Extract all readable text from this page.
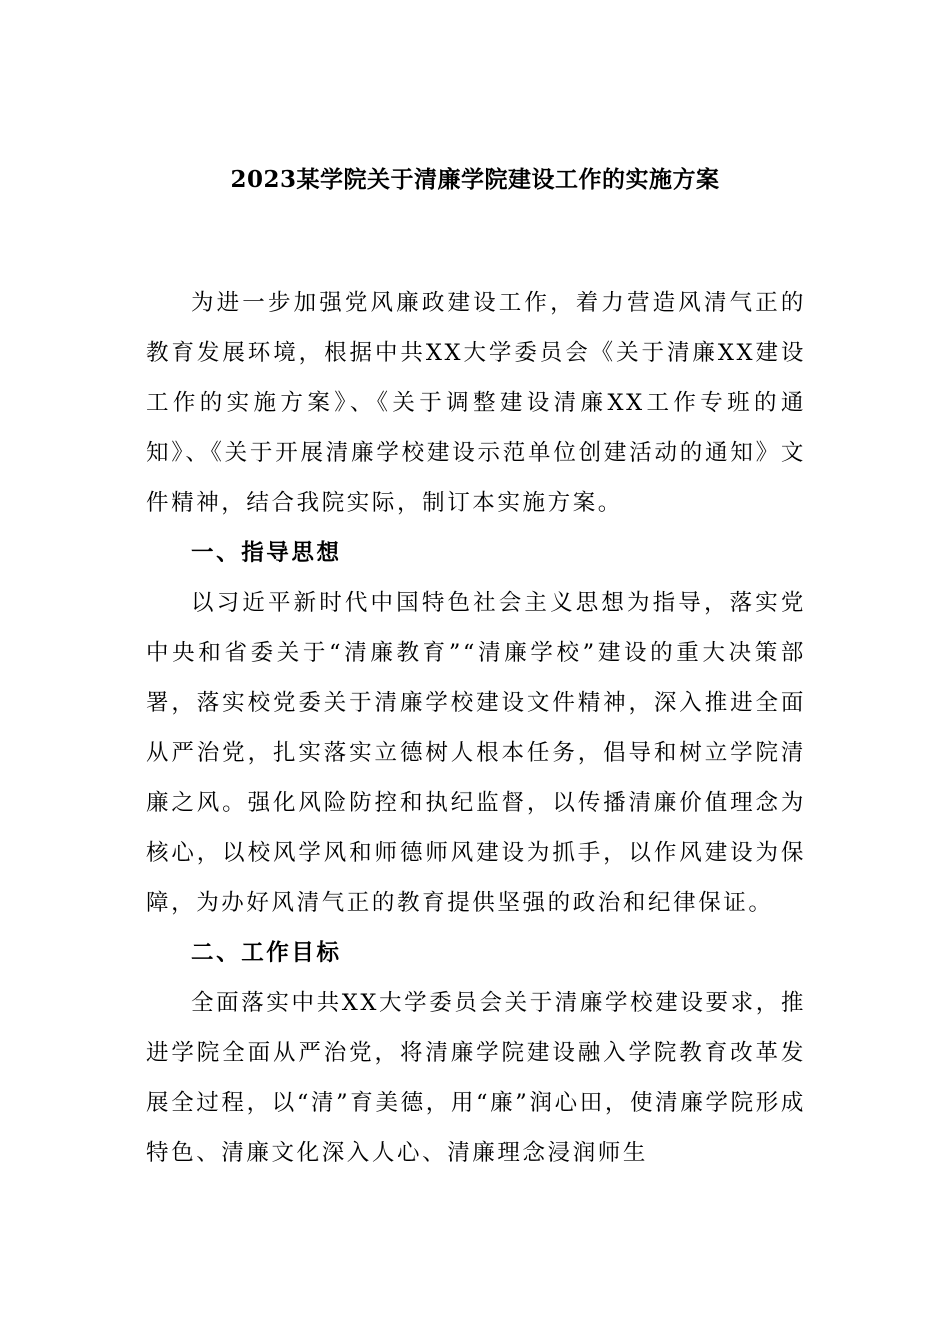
2023某学院关于清廉学院建设工作的实施方案

为进一步加强党风廉政建设工作，着力营造风清气正的教育发展环境，根据中共XX大学委员会《关于清廉XX建设工作的实施方案》、《关于调整建设清廉XX工作专班的通知》、《关于开展清廉学校建设示范单位创建活动的通知》文件精神，结合我院实际，制订本实施方案。

一、指导思想

以习近平新时代中国特色社会主义思想为指导，落实党中央和省委关于“清廉教育”“清廉学校”建设的重大决策部署，落实校党委关于清廉学校建设文件精神，深入推进全面从严治党，扎实落实立德树人根本任务，倡导和树立学院清廉之风。强化风险防控和执纪监督，以传播清廉价值理念为核心，以校风学风和师德师风建设为抓手，以作风建设为保障，为办好风清气正的教育提供坚强的政治和纪律保证。

二、工作目标

全面落实中共XX大学委员会关于清廉学校建设要求，推进学院全面从严治党，将清廉学院建设融入学院教育改革发展全过程，以“清”育美德，用“廉”润心田，使清廉学院形成特色、清廉文化深入人心、清廉理念浸润师生
